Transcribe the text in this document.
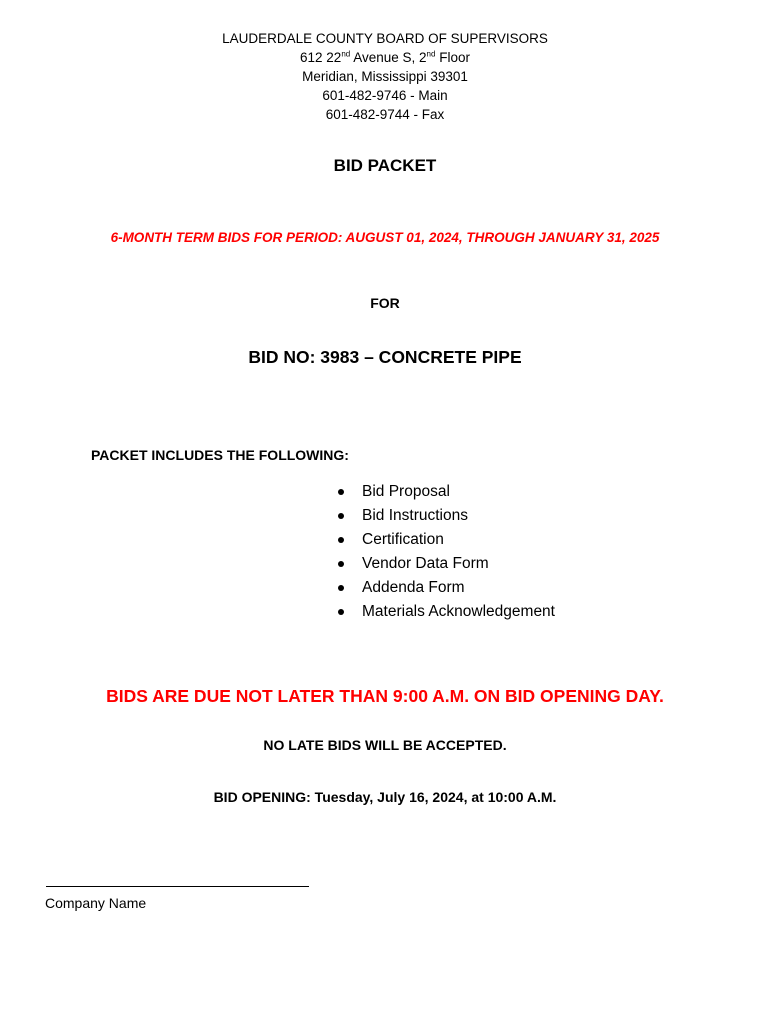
LAUDERDALE COUNTY BOARD OF SUPERVISORS
612 22nd Avenue S, 2nd Floor
Meridian, Mississippi 39301
601-482-9746 - Main
601-482-9744 - Fax
BID PACKET
6-MONTH TERM BIDS FOR PERIOD: AUGUST 01, 2024, THROUGH JANUARY 31, 2025
FOR
BID NO: 3983 – CONCRETE PIPE
PACKET INCLUDES THE FOLLOWING:
Bid Proposal
Bid Instructions
Certification
Vendor Data Form
Addenda Form
Materials Acknowledgement
BIDS ARE DUE NOT LATER THAN 9:00 A.M. ON BID OPENING DAY.
NO LATE BIDS WILL BE ACCEPTED.
BID OPENING: Tuesday, July 16, 2024, at 10:00 A.M.
Company Name
